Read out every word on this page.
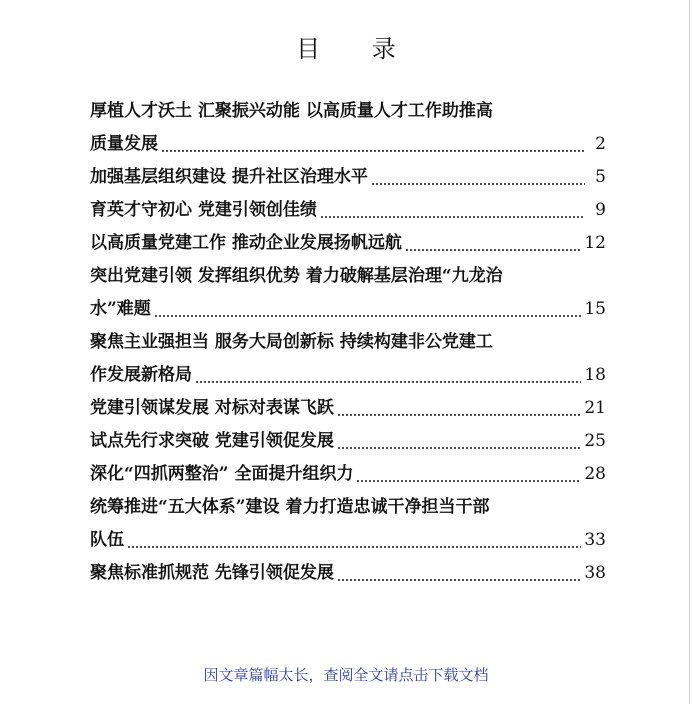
目 录
厚植人才沃土 汇聚振兴动能 以高质量人才工作助推高
质量发展	2
加强基层组织建设 提升社区治理水平	5
育英才守初心 党建引领创佳绩	9
以高质量党建工作 推动企业发展扬帆远航	12
突出党建引领 发挥组织优势 着力破解基层治理“九龙治
水”难题	15
聚焦主业强担当 服务大局创新标 持续构建非公党建工
作发展新格局	18
党建引领谋发展 对标对表谋飞跃	21
试点先行求突破 党建引领促发展	25
深化“四抓两整治” 全面提升组织力	28
统筹推进“五大体系”建设 着力打造忠诚干净担当干部
队伍	33
聚焦标准抓规范 先锋引领促发展	38
因文章篇幅太长，查阅全文请点击下载文档
